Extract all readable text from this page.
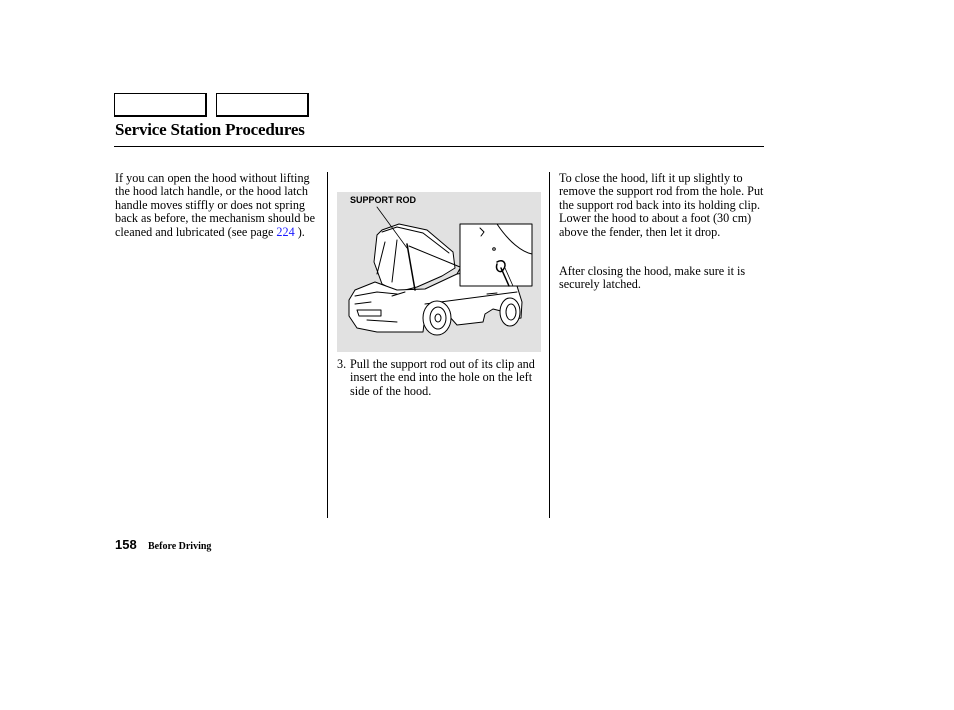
Service Station Procedures
If you can open the hood without lifting the hood latch handle, or the hood latch handle moves stiffly or does not spring back as before, the mechanism should be cleaned and lubricated (see page 224 ).
SUPPORT ROD
3. Pull the support rod out of its clip and insert the end into the hole on the left side of the hood.
To close the hood, lift it up slightly to remove the support rod from the hole. Put the support rod back into its holding clip. Lower the hood to about a foot (30 cm) above the fender, then let it drop.
After closing the hood, make sure it is securely latched.
158 Before Driving
